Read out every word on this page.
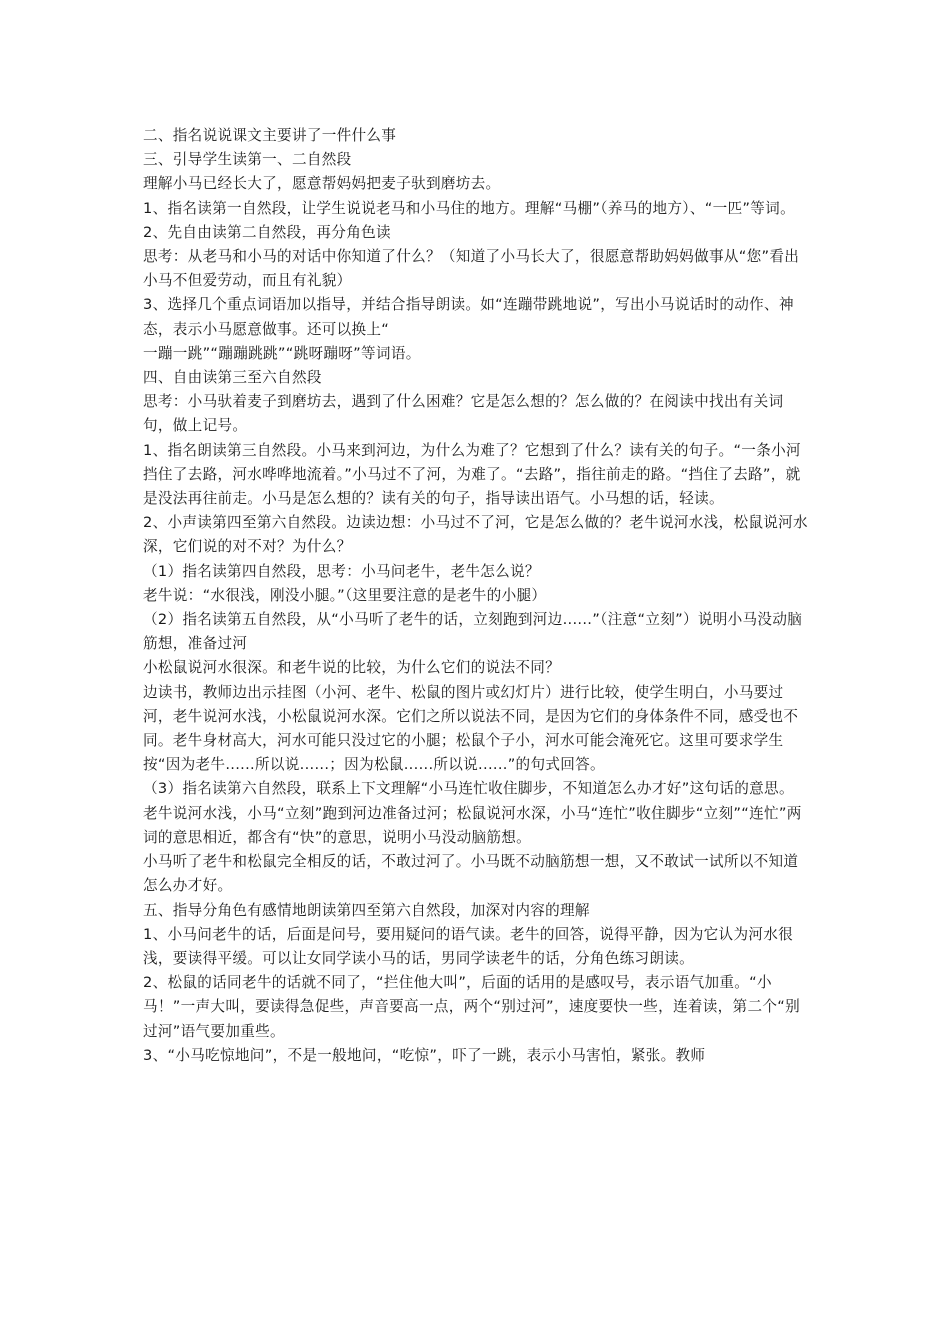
二、指名说说课文主要讲了一件什么事

三、引导学生读第一、二自然段

理解小马已经长大了，愿意帮妈妈把麦子驮到磨坊去。

1、指名读第一自然段，让学生说说老马和小马住的地方。理解“马棚”（养马的地方）、“一匹”等词。

2、先自由读第二自然段，再分角色读

思考：从老马和小马的对话中你知道了什么？（知道了小马长大了，很愿意帮助妈妈做事从“您”看出小马不但爱劳动，而且有礼貌）

3、选择几个重点词语加以指导，并结合指导朗读。如“连蹦带跳地说”，写出小马说话时的动作、神态，表示小马愿意做事。还可以换上“

一蹦一跳”“蹦蹦跳跳”“跳呀蹦呀”等词语。

四、自由读第三至六自然段

思考：小马驮着麦子到磨坊去，遇到了什么困难？它是怎么想的？怎么做的？在阅读中找出有关词句，做上记号。

1、指名朗读第三自然段。小马来到河边，为什么为难了？它想到了什么？读有关的句子。“一条小河挡住了去路，河水哗哗地流着。”小马过不了河，为难了。“去路”，指往前走的路。“挡住了去路”，就是没法再往前走。小马是怎么想的？读有关的句子，指导读出语气。小马想的话，轻读。

2、小声读第四至第六自然段。边读边想：小马过不了河，它是怎么做的？老牛说河水浅，松鼠说河水深，它们说的对不对？为什么？

（1）指名读第四自然段，思考：小马问老牛，老牛怎么说？

老牛说：“水很浅，刚没小腿。”（这里要注意的是老牛的小腿）

（2）指名读第五自然段，从“小马听了老牛的话，立刻跑到河边......”（注意“立刻”）说明小马没动脑筋想，准备过河

小松鼠说河水很深。和老牛说的比较，为什么它们的说法不同？

边读书，教师边出示挂图（小河、老牛、松鼠的图片或幻灯片）进行比较，使学生明白，小马要过河，老牛说河水浅，小松鼠说河水深。它们之所以说法不同，是因为它们的身体条件不同，感受也不同。老牛身材高大，河水可能只没过它的小腿；松鼠个子小，河水可能会淹死它。这里可要求学生按“因为老牛......所以说......；因为松鼠......所以说......”的句式回答。

（3）指名读第六自然段，联系上下文理解“小马连忙收住脚步，不知道怎么办才好”这句话的意思。

老牛说河水浅，小马“立刻”跑到河边准备过河；松鼠说河水深，小马“连忙”收住脚步“立刻”“连忙”两词的意思相近，都含有“快”的意思，说明小马没动脑筋想。

小马听了老牛和松鼠完全相反的话，不敢过河了。小马既不动脑筋想一想，又不敢试一试所以不知道怎么办才好。

五、指导分角色有感情地朗读第四至第六自然段，加深对内容的理解

1、小马问老牛的话，后面是问号，要用疑问的语气读。老牛的回答，说得平静，因为它认为河水很浅，要读得平缓。可以让女同学读小马的话，男同学读老牛的话，分角色练习朗读。

2、松鼠的话同老牛的话就不同了，“拦住他大叫”，后面的话用的是感叹号，表示语气加重。“小马！”一声大叫，要读得急促些，声音要高一点，两个“别过河”，速度要快一些，连着读，第二个“别过河”语气要加重些。

3、“小马吃惊地问”，不是一般地问，“吃惊”，吓了一跳，表示小马害怕，紧张。教师
